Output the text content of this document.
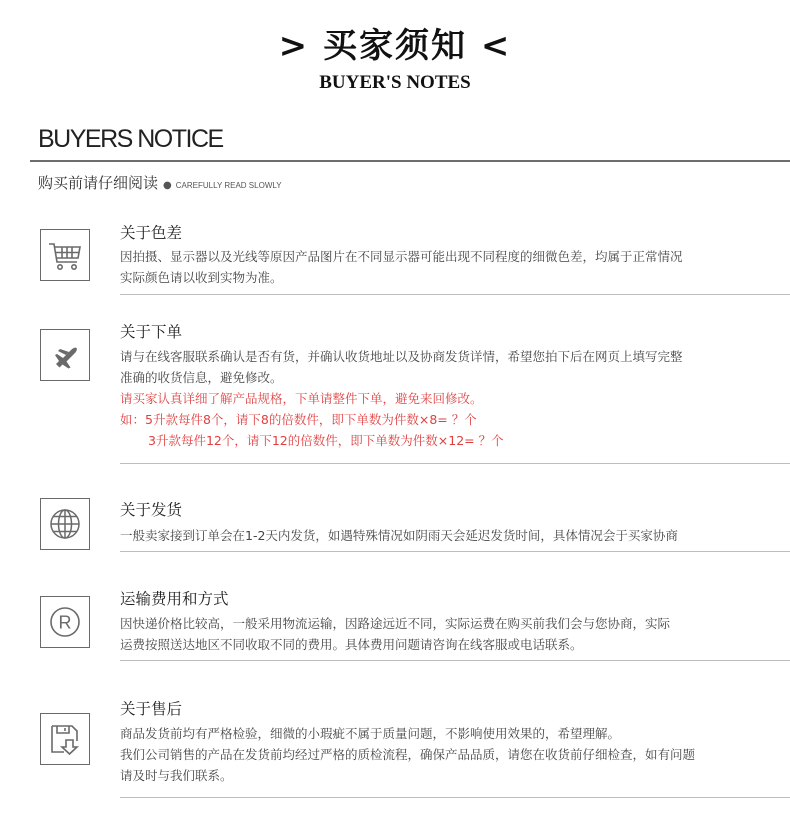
> 买家须知 <
BUYER'S NOTES
BUYERS NOTICE
购买前请仔细阅读 ● CAREFULLY READ SLOWLY
关于色差

因拍摄、显示器以及光线等原因产品图片在不同显示器可能出现不同程度的细微色差，均属于正常情况

实际颜色请以收到实物为准。

关于下单

请与在线客服联系确认是否有货，并确认收货地址以及协商发货详情，希望您拍下后在网页上填写完整

准确的收货信息，避免修改。

请买家认真详细了解产品规格，下单请整件下单，避免来回修改。

如：5升款每件8个，请下8的倍数件，即下单数为件数×8= ？个

3升款每件12个，请下12的倍数件，即下单数为件数×12= ？个

关于发货

一般卖家接到订单会在1-2天内发货，如遇特殊情况如阴雨天会延迟发货时间，具体情况会于买家协商

R
运输费用和方式

因快递价格比较高，一般采用物流运输，因路途远近不同，实际运费在购买前我们会与您协商，实际

运费按照送达地区不同收取不同的费用。具体费用问题请咨询在线客服或电话联系。

关于售后

商品发货前均有严格检验，细微的小瑕疵不属于质量问题，不影响使用效果的，希望理解。

我们公司销售的产品在发货前均经过严格的质检流程，确保产品品质，请您在收货前仔细检查，如有问题

请及时与我们联系。
